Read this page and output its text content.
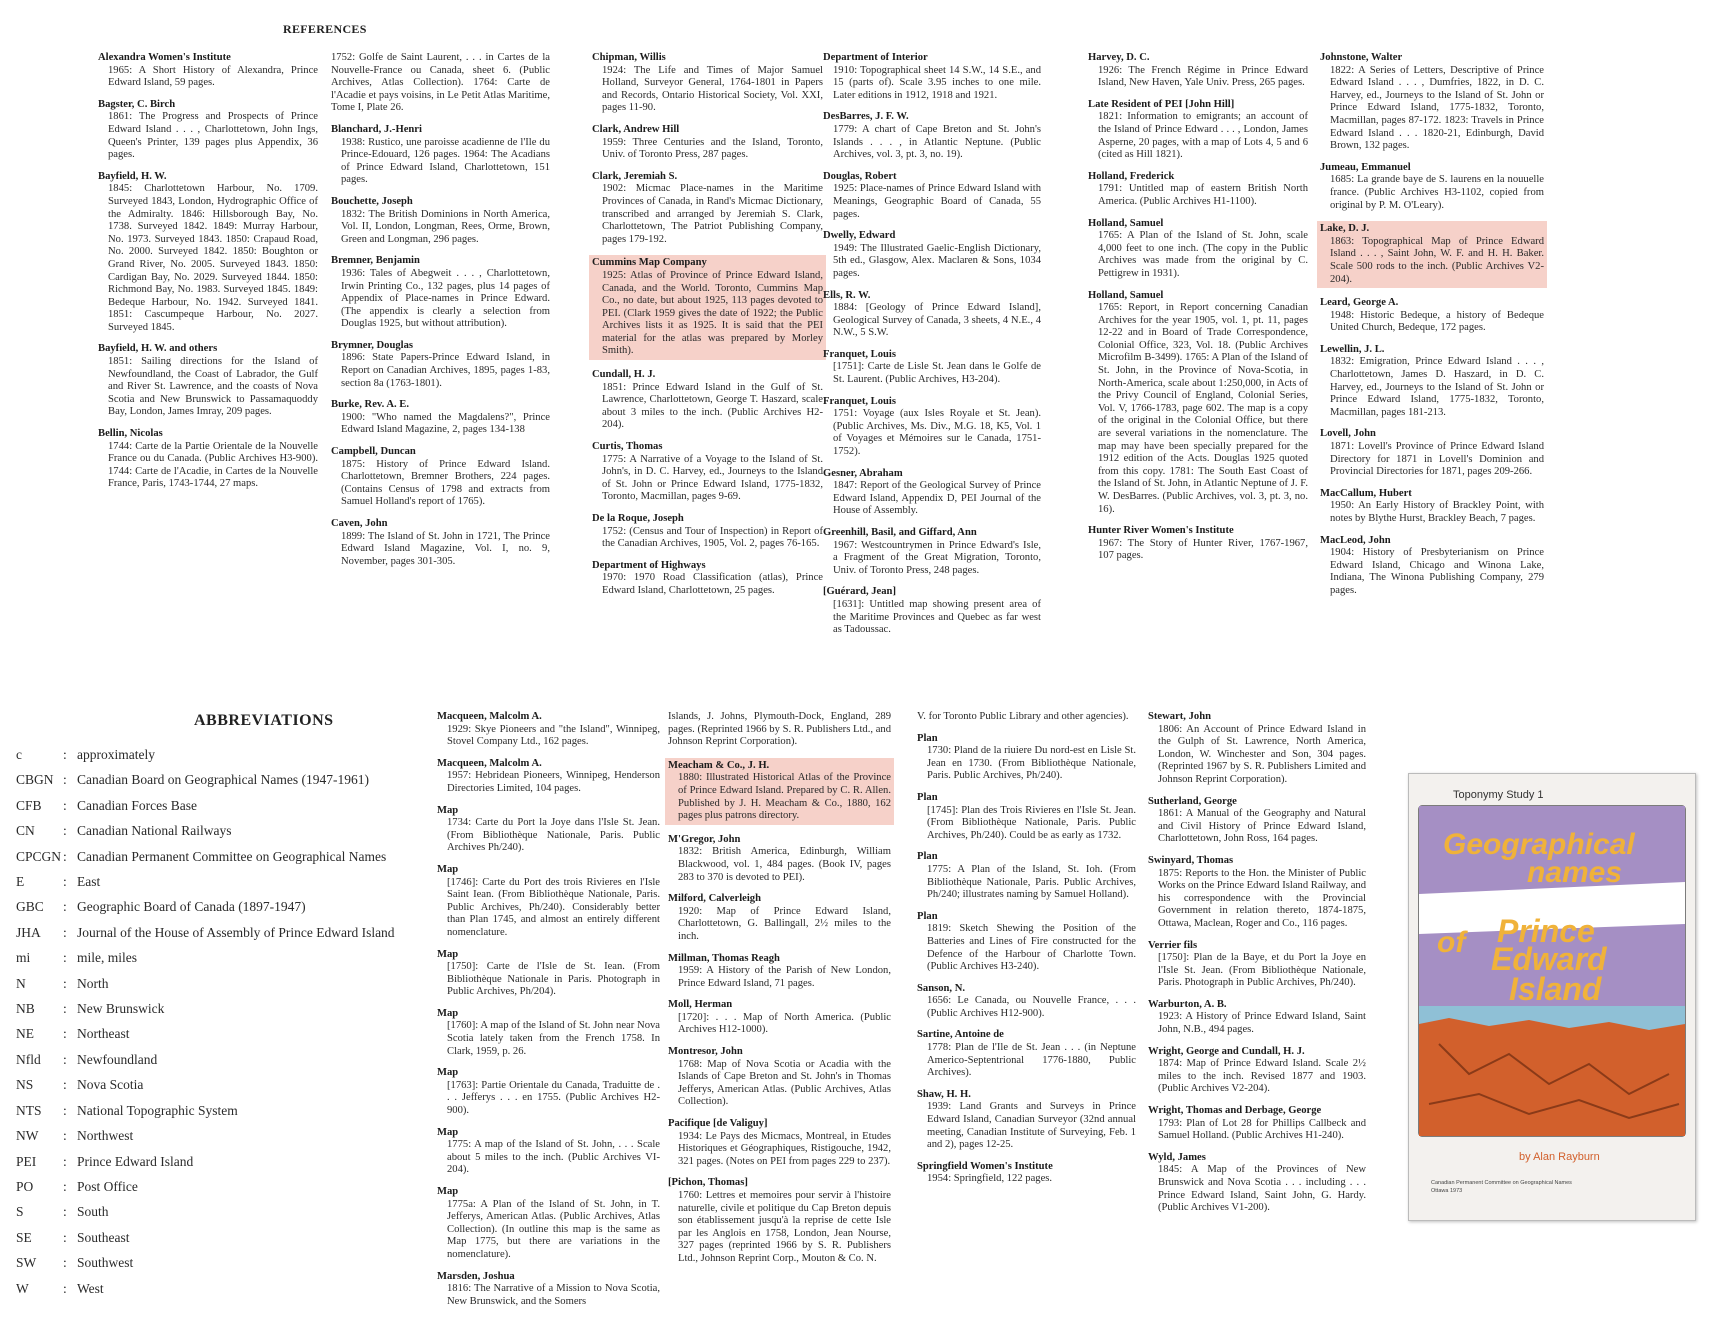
REFERENCES
Alexandra Women's Institute
1965: A Short History of Alexandra, Prince Edward Island, 59 pages.
Bagster, C. Birch
1861: The Progress and Prospects of Prince Edward Island . . . , Charlottetown, John Ings, Queen's Printer, 139 pages plus Appendix, 36 pages.
Bayfield, H. W.
1845: Charlottetown Harbour, No. 1709. Surveyed 1843, London, Hydrographic Office of the Admiralty. 1846: Hillsborough Bay, No. 1738. Surveyed 1842. 1849: Murray Harbour, No. 1973. Surveyed 1843. 1850: Crapaud Road, No. 2000. Surveyed 1842. 1850: Boughton or Grand River, No. 2005. Surveyed 1843. 1850: Cardigan Bay, No. 2029. Surveyed 1844. 1850: Richmond Bay, No. 1983. Surveyed 1845. 1849: Bedeque Harbour, No. 1942. Surveyed 1841. 1851: Cascumpeque Harbour, No. 2027. Surveyed 1845.
Bayfield, H. W. and others
1851: Sailing directions for the Island of Newfoundland, the Coast of Labrador, the Gulf and River St. Lawrence, and the coasts of Nova Scotia and New Brunswick to Passamaquoddy Bay, London, James Imray, 209 pages.
Bellin, Nicolas
1744: Carte de la Partie Orientale de la Nouvelle France ou du Canada. (Public Archives H3-900). 1744: Carte de l'Acadie, in Cartes de la Nouvelle France, Paris, 1743-1744, 27 maps.
1752: Golfe de Saint Laurent, . . . in Cartes de la Nouvelle-France ou Canada, sheet 6. (Public Archives, Atlas Collection). 1764: Carte de l'Acadie et pays voisins, in Le Petit Atlas Maritime, Tome I, Plate 26.
Blanchard, J.-Henri
1938: Rustico, une paroisse acadienne de l'Ile du Prince-Edouard, 126 pages. 1964: The Acadians of Prince Edward Island, Charlottetown, 151 pages.
Bouchette, Joseph
1832: The British Dominions in North America, Vol. II, London, Longman, Rees, Orme, Brown, Green and Longman, 296 pages.
Bremner, Benjamin
1936: Tales of Abegweit . . . , Charlottetown, Irwin Printing Co., 132 pages, plus 14 pages of Appendix of Place-names in Prince Edward. (The appendix is clearly a selection from Douglas 1925, but without attribution).
Brymner, Douglas
1896: State Papers-Prince Edward Island, in Report on Canadian Archives, 1895, pages 1-83, section 8a (1763-1801).
Burke, Rev. A. E.
1900: "Who named the Magdalens?", Prince Edward Island Magazine, 2, pages 134-138
Campbell, Duncan
1875: History of Prince Edward Island. Charlottetown, Bremner Brothers, 224 pages. (Contains Census of 1798 and extracts from Samuel Holland's report of 1765).
Caven, John
1899: The Island of St. John in 1721, The Prince Edward Island Magazine, Vol. I, no. 9, November, pages 301-305.
Chipman, Willis
1924: The Life and Times of Major Samuel Holland, Surveyor General, 1764-1801 in Papers and Records, Ontario Historical Society, Vol. XXI, pages 11-90.
Clark, Andrew Hill
1959: Three Centuries and the Island, Toronto, Univ. of Toronto Press, 287 pages.
Clark, Jeremiah S.
1902: Micmac Place-names in the Maritime Provinces of Canada, in Rand's Micmac Dictionary, transcribed and arranged by Jeremiah S. Clark, Charlottetown, The Patriot Publishing Company, pages 179-192.
Cummins Map Company
1925: Atlas of Province of Prince Edward Island, Canada, and the World. Toronto, Cummins Map Co., no date, but about 1925, 113 pages devoted to PEI. (Clark 1959 gives the date of 1922; the Public Archives lists it as 1925. It is said that the PEI material for the atlas was prepared by Morley Smith).
Cundall, H. J.
1851: Prince Edward Island in the Gulf of St. Lawrence, Charlottetown, George T. Haszard, scale about 3 miles to the inch. (Public Archives H2-204).
Curtis, Thomas
1775: A Narrative of a Voyage to the Island of St. John's, in D. C. Harvey, ed., Journeys to the Island of St. John or Prince Edward Island, 1775-1832, Toronto, Macmillan, pages 9-69.
De la Roque, Joseph
1752: (Census and Tour of Inspection) in Report of the Canadian Archives, 1905, Vol. 2, pages 76-165.
Department of Highways
1970: 1970 Road Classification (atlas), Prince Edward Island, Charlottetown, 25 pages.
Department of Interior
1910: Topographical sheet 14 S.W., 14 S.E., and 15 (parts of). Scale 3.95 inches to one mile. Later editions in 1912, 1918 and 1921.
DesBarres, J. F. W.
1779: A chart of Cape Breton and St. John's Islands . . . , in Atlantic Neptune. (Public Archives, vol. 3, pt. 3, no. 19).
Douglas, Robert
1925: Place-names of Prince Edward Island with Meanings, Geographic Board of Canada, 55 pages.
Dwelly, Edward
1949: The Illustrated Gaelic-English Dictionary, 5th ed., Glasgow, Alex. Maclaren & Sons, 1034 pages.
Ells, R. W.
1884: [Geology of Prince Edward Island], Geological Survey of Canada, 3 sheets, 4 N.E., 4 N.W., 5 S.W.
Franquet, Louis
[1751]: Carte de Lisle St. Jean dans le Golfe de St. Laurent. (Public Archives, H3-204).
Franquet, Louis
1751: Voyage (aux Isles Royale et St. Jean). (Public Archives, Ms. Div., M.G. 18, K5, Vol. 1 of Voyages et Mémoires sur le Canada, 1751-1752).
Gesner, Abraham
1847: Report of the Geological Survey of Prince Edward Island, Appendix D, PEI Journal of the House of Assembly.
Greenhill, Basil, and Giffard, Ann
1967: Westcountrymen in Prince Edward's Isle, a Fragment of the Great Migration, Toronto, Univ. of Toronto Press, 248 pages.
[Guérard, Jean]
[1631]: Untitled map showing present area of the Maritime Provinces and Quebec as far west as Tadoussac.
Harvey, D. C.
1926: The French Régime in Prince Edward Island, New Haven, Yale Univ. Press, 265 pages.
Late Resident of PEI [John Hill]
1821: Information to emigrants; an account of the Island of Prince Edward . . . , London, James Asperne, 20 pages, with a map of Lots 4, 5 and 6 (cited as Hill 1821).
Holland, Frederick
1791: Untitled map of eastern British North America. (Public Archives H1-1100).
Holland, Samuel
1765: A Plan of the Island of St. John, scale 4,000 feet to one inch. (The copy in the Public Archives was made from the original by C. Pettigrew in 1931).
Holland, Samuel
1765: Report, in Report concerning Canadian Archives for the year 1905, vol. 1, pt. 11, pages 12-22 and in Board of Trade Correspondence, Colonial Office, 323, Vol. 18. (Public Archives Microfilm B-3499). 1765: A Plan of the Island of St. John, in the Province of Nova-Scotia, in North-America, scale about 1:250,000, in Acts of the Privy Council of England, Colonial Series, Vol. V, 1766-1783, page 602. The map is a copy of the original in the Colonial Office, but there are several variations in the nomenclature. The map may have been specially prepared for the 1912 edition of the Acts. Douglas 1925 quoted from this copy. 1781: The South East Coast of the Island of St. John, in Atlantic Neptune of J. F. W. DesBarres. (Public Archives, vol. 3, pt. 3, no. 16).
Hunter River Women's Institute
1967: The Story of Hunter River, 1767-1967, 107 pages.
Johnstone, Walter
1822: A Series of Letters, Descriptive of Prince Edward Island . . . , Dumfries, 1822, in D. C. Harvey, ed., Journeys to the Island of St. John or Prince Edward Island, 1775-1832, Toronto, Macmillan, pages 87-172. 1823: Travels in Prince Edward Island . . . 1820-21, Edinburgh, David Brown, 132 pages.
Jumeau, Emmanuel
1685: La grande baye de S. laurens en la nouuelle france. (Public Archives H3-1102, copied from original by P. M. O'Leary).
Lake, D. J.
1863: Topographical Map of Prince Edward Island . . . , Saint John, W. F. and H. H. Baker. Scale 500 rods to the inch. (Public Archives V2-204).
Leard, George A.
1948: Historic Bedeque, a history of Bedeque United Church, Bedeque, 172 pages.
Lewellin, J. L.
1832: Emigration, Prince Edward Island . . . , Charlottetown, James D. Haszard, in D. C. Harvey, ed., Journeys to the Island of St. John or Prince Edward Island, 1775-1832, Toronto, Macmillan, pages 181-213.
Lovell, John
1871: Lovell's Province of Prince Edward Island Directory for 1871 in Lovell's Dominion and Provincial Directories for 1871, pages 209-266.
MacCallum, Hubert
1950: An Early History of Brackley Point, with notes by Blythe Hurst, Brackley Beach, 7 pages.
MacLeod, John
1904: History of Presbyterianism on Prince Edward Island, Chicago and Winona Lake, Indiana, The Winona Publishing Company, 279 pages.
Macqueen, Malcolm A.
1929: Skye Pioneers and "the Island", Winnipeg, Stovel Company Ltd., 162 pages.
Macqueen, Malcolm A.
1957: Hebridean Pioneers, Winnipeg, Henderson Directories Limited, 104 pages.
Map
1734: Carte du Port la Joye dans l'Isle St. Jean. (From Bibliothèque Nationale, Paris. Public Archives Ph/240).
Map
[1746]: Carte du Port des trois Rivieres en l'Isle Saint Iean. (From Bibliothèque Nationale, Paris. Public Archives, Ph/240). Considerably better than Plan 1745, and almost an entirely different nomenclature.
Map
[1750]: Carte de l'Isle de St. Iean. (From Bibliothèque Nationale in Paris. Photograph in Public Archives, Ph/204).
Map
[1760]: A map of the Island of St. John near Nova Scotia lately taken from the French 1758. In Clark, 1959, p. 26.
Map
[1763]: Partie Orientale du Canada, Traduitte de . . . Jefferys . . . en 1755. (Public Archives H2-900).
Map
1775: A map of the Island of St. John, . . . Scale about 5 miles to the inch. (Public Archives VI-204).
Map
1775a: A Plan of the Island of St. John, in T. Jefferys, American Atlas. (Public Archives, Atlas Collection). (In outline this map is the same as Map 1775, but there are variations in the nomenclature).
Marsden, Joshua
1816: The Narrative of a Mission to Nova Scotia, New Brunswick, and the Somers
Islands, J. Johns, Plymouth-Dock, England, 289 pages. (Reprinted 1966 by S. R. Publishers Ltd., and Johnson Reprint Corporation).
Meacham & Co., J. H.
1880: Illustrated Historical Atlas of the Province of Prince Edward Island. Prepared by C. R. Allen. Published by J. H. Meacham & Co., 1880, 162 pages plus patrons directory.
M'Gregor, John
1832: British America, Edinburgh, William Blackwood, vol. 1, 484 pages. (Book IV, pages 283 to 370 is devoted to PEI).
Milford, Calverleigh
1920: Map of Prince Edward Island, Charlottetown, G. Ballingall, 2½ miles to the inch.
Millman, Thomas Reagh
1959: A History of the Parish of New London, Prince Edward Island, 71 pages.
Moll, Herman
[1720]: . . . Map of North America. (Public Archives H12-1000).
Montresor, John
1768: Map of Nova Scotia or Acadia with the Islands of Cape Breton and St. John's in Thomas Jefferys, American Atlas. (Public Archives, Atlas Collection).
Pacifique [de Valiguy]
1934: Le Pays des Micmacs, Montreal, in Etudes Historiques et Géographiques, Ristigouche, 1942, 321 pages. (Notes on PEI from pages 229 to 237).
[Pichon, Thomas]
1760: Lettres et memoires pour servir à l'histoire naturelle, civile et politique du Cap Breton depuis son établissement jusqu'à la reprise de cette Isle par les Anglois en 1758, London, Jean Nourse, 327 pages (reprinted 1966 by S. R. Publishers Ltd., Johnson Reprint Corp., Mouton & Co. N.
V. for Toronto Public Library and other agencies).
Plan
1730: Pland de la riuiere Du nord-est en Lisle St. Jean en 1730. (From Bibliothèque Nationale, Paris. Public Archives, Ph/240).
Plan
[1745]: Plan des Trois Rivieres en l'Isle St. Jean. (From Bibliothèque Nationale, Paris. Public Archives, Ph/240). Could be as early as 1732.
Plan
1775: A Plan of the Island, St. Ioh. (From Bibliothèque Nationale, Paris. Public Archives, Ph/240; illustrates naming by Samuel Holland).
Plan
1819: Sketch Shewing the Position of the Batteries and Lines of Fire constructed for the Defence of the Harbour of Charlotte Town. (Public Archives H3-240).
Sanson, N.
1656: Le Canada, ou Nouvelle France, . . . (Public Archives H12-900).
Sartine, Antoine de
1778: Plan de l'Ile de St. Jean . . . (in Neptune Americo-Septentrional 1776-1880, Public Archives).
Shaw, H. H.
1939: Land Grants and Surveys in Prince Edward Island, Canadian Surveyor (32nd annual meeting, Canadian Institute of Surveying, Feb. 1 and 2), pages 12-25.
Springfield Women's Institute
1954: Springfield, 122 pages.
Stewart, John
1806: An Account of Prince Edward Island in the Gulph of St. Lawrence, North America, London, W. Winchester and Son, 304 pages. (Reprinted 1967 by S. R. Publishers Limited and Johnson Reprint Corporation).
Sutherland, George
1861: A Manual of the Geography and Natural and Civil History of Prince Edward Island, Charlottetown, John Ross, 164 pages.
Swinyard, Thomas
1875: Reports to the Hon. the Minister of Public Works on the Prince Edward Island Railway, and his correspondence with the Provincial Government in relation thereto, 1874-1875, Ottawa, Maclean, Roger and Co., 116 pages.
Verrier fils
[1750]: Plan de la Baye, et du Port la Joye en l'Isle St. Jean. (From Bibliothèque Nationale, Paris. Photograph in Public Archives, Ph/240).
Warburton, A. B.
1923: A History of Prince Edward Island, Saint John, N.B., 494 pages.
Wright, George and Cundall, H. J.
1874: Map of Prince Edward Island. Scale 2½ miles to the inch. Revised 1877 and 1903. (Public Archives V2-204).
Wright, Thomas and Derbage, George
1793: Plan of Lot 28 for Phillips Callbeck and Samuel Holland. (Public Archives H1-240).
Wyld, James
1845: A Map of the Provinces of New Brunswick and Nova Scotia . . . including . . . Prince Edward Island, Saint John, G. Hardy. (Public Archives V1-200).
ABBREVIATIONS
c	: approximately
CBGN : Canadian Board on Geographical Names (1947-1961)
CFB	: Canadian Forces Base
CN	: Canadian National Railways
CPCGN : Canadian Permanent Committee on Geographical Names
E	: East
GBC	: Geographic Board of Canada (1897-1947)
JHA	: Journal of the House of Assembly of Prince Edward Island
mi	: mile, miles
N	: North
NB	: New Brunswick
NE	: Northeast
Nfld	: Newfoundland
NS	: Nova Scotia
NTS	: National Topographic System
NW	: Northwest
PEI	: Prince Edward Island
PO	: Post Office
S	: South
SE	: Southeast
SW	: Southwest
W	: West
Toponymy Study 1
Geographical
names
of Prince
Edward
Island
by Alan Rayburn
Canadian Permanent Committee on Geographical Names
Ottawa 1973
